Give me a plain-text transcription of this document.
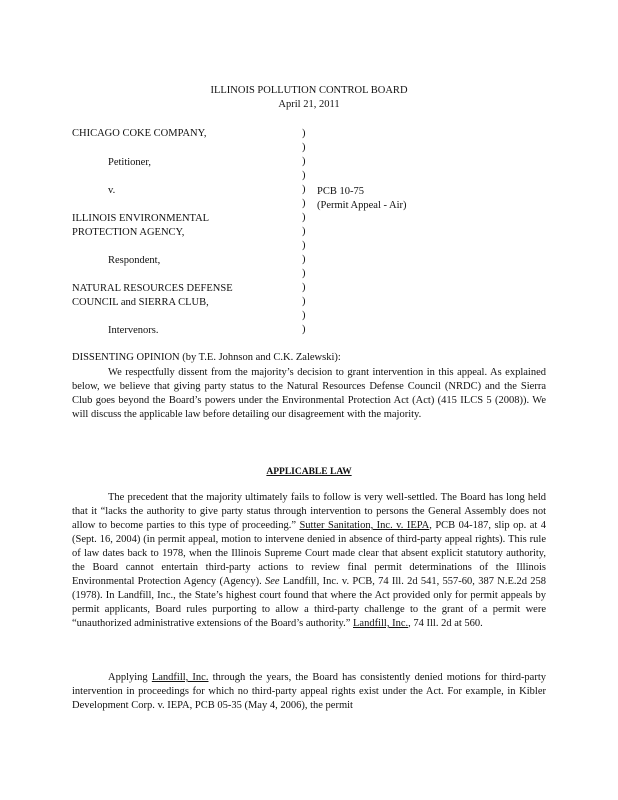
ILLINOIS POLLUTION CONTROL BOARD
April 21, 2011
CHICAGO COKE COMPANY,
Petitioner,
v.
ILLINOIS ENVIRONMENTAL
PROTECTION AGENCY,
Respondent,
NATURAL RESOURCES DEFENSE
COUNCIL and SIERRA CLUB,
Intervenors.
)
)
)
)
)
)
)
)
)
)
)
)
)
)
)
PCB 10-75
(Permit Appeal - Air)
DISSENTING OPINION (by T.E. Johnson and C.K. Zalewski):

We respectfully dissent from the majority’s decision to grant intervention in this appeal. As explained below, we believe that giving party status to the Natural Resources Defense Council (NRDC) and the Sierra Club goes beyond the Board’s powers under the Environmental Protection Act (Act) (415 ILCS 5 (2008)). We will discuss the applicable law before detailing our disagreement with the majority.

APPLICABLE LAW

The precedent that the majority ultimately fails to follow is very well-settled. The Board has long held that it “lacks the authority to give party status through intervention to persons the General Assembly does not allow to become parties to this type of proceeding.” Sutter Sanitation, Inc. v. IEPA, PCB 04-187, slip op. at 4 (Sept. 16, 2004) (in permit appeal, motion to intervene denied in absence of third-party appeal rights). This rule of law dates back to 1978, when the Illinois Supreme Court made clear that absent explicit statutory authority, the Board cannot entertain third-party actions to review final permit determinations of the Illinois Environmental Protection Agency (Agency). See Landfill, Inc. v. PCB, 74 Ill. 2d 541, 557-60, 387 N.E.2d 258 (1978). In Landfill, Inc., the State’s highest court found that where the Act provided only for permit appeals by permit applicants, Board rules purporting to allow a third-party challenge to the grant of a permit were “unauthorized administrative extensions of the Board’s authority.” Landfill, Inc., 74 Ill. 2d at 560.

Applying Landfill, Inc. through the years, the Board has consistently denied motions for third-party intervention in proceedings for which no third-party appeal rights exist under the Act. For example, in Kibler Development Corp. v. IEPA, PCB 05-35 (May 4, 2006), the permit
